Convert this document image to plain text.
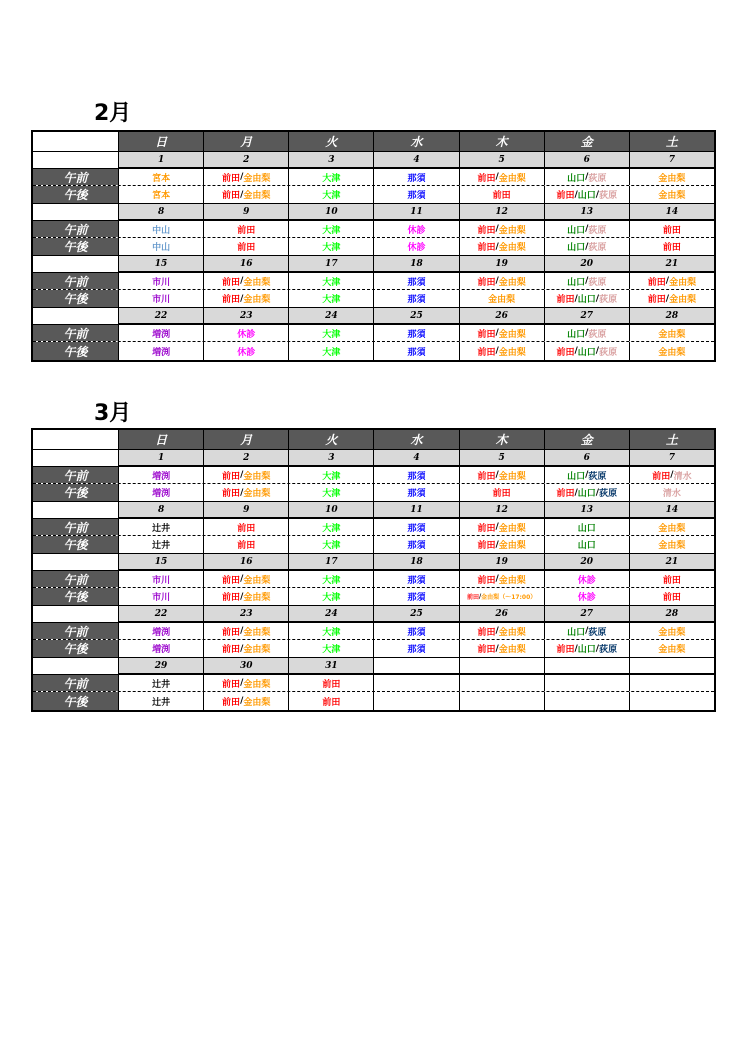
2月
日	月	火	水	木	金	土
1	2	3	4	5	6	7
午前	宮本	前田 / 金由梨	大津	那須	前田 / 金由梨	山口 / 荻原	金由梨
午後	宮本	前田 / 金由梨	大津	那須	前田	前田 / 山口 / 荻原	金由梨
8	9	10	11	12	13	14
午前	中山	前田	大津	休診	前田 / 金由梨	山口 / 荻原	前田
午後	中山	前田	大津	休診	前田 / 金由梨	山口 / 荻原	前田
15	16	17	18	19	20	21
午前	市川	前田 / 金由梨	大津	那須	前田 / 金由梨	山口 / 荻原	前田 / 金由梨
午後	市川	前田 / 金由梨	大津	那須	金由梨	前田 / 山口 / 荻原	前田 / 金由梨
22	23	24	25	26	27	28
午前	増渕	休診	大津	那須	前田 / 金由梨	山口 / 荻原	金由梨
午後	増渕	休診	大津	那須	前田 / 金由梨	前田 / 山口 / 荻原	金由梨
3月
日	月	火	水	木	金	土
1	2	3	4	5	6	7
午前	増渕	前田 / 金由梨	大津	那須	前田 / 金由梨	山口 / 荻原	前田 / 清水
午後	増渕	前田 / 金由梨	大津	那須	前田	前田 / 山口 / 荻原	清水
8	9	10	11	12	13	14
午前	辻井	前田	大津	那須	前田 / 金由梨	山口	金由梨
午後	辻井	前田	大津	那須	前田 / 金由梨	山口	金由梨
15	16	17	18	19	20	21
午前	市川	前田 / 金由梨	大津	那須	前田 / 金由梨	休診	前田
午後	市川	前田 / 金由梨	大津	那須	前田 / 金由梨 （〜17:00）	休診	前田
22	23	24	25	26	27	28
午前	増渕	前田 / 金由梨	大津	那須	前田 / 金由梨	山口 / 荻原	金由梨
午後	増渕	前田 / 金由梨	大津	那須	前田 / 金由梨	前田 / 山口 / 荻原	金由梨
29	30	31
午前	辻井	前田 / 金由梨	前田
午後	辻井	前田 / 金由梨	前田
